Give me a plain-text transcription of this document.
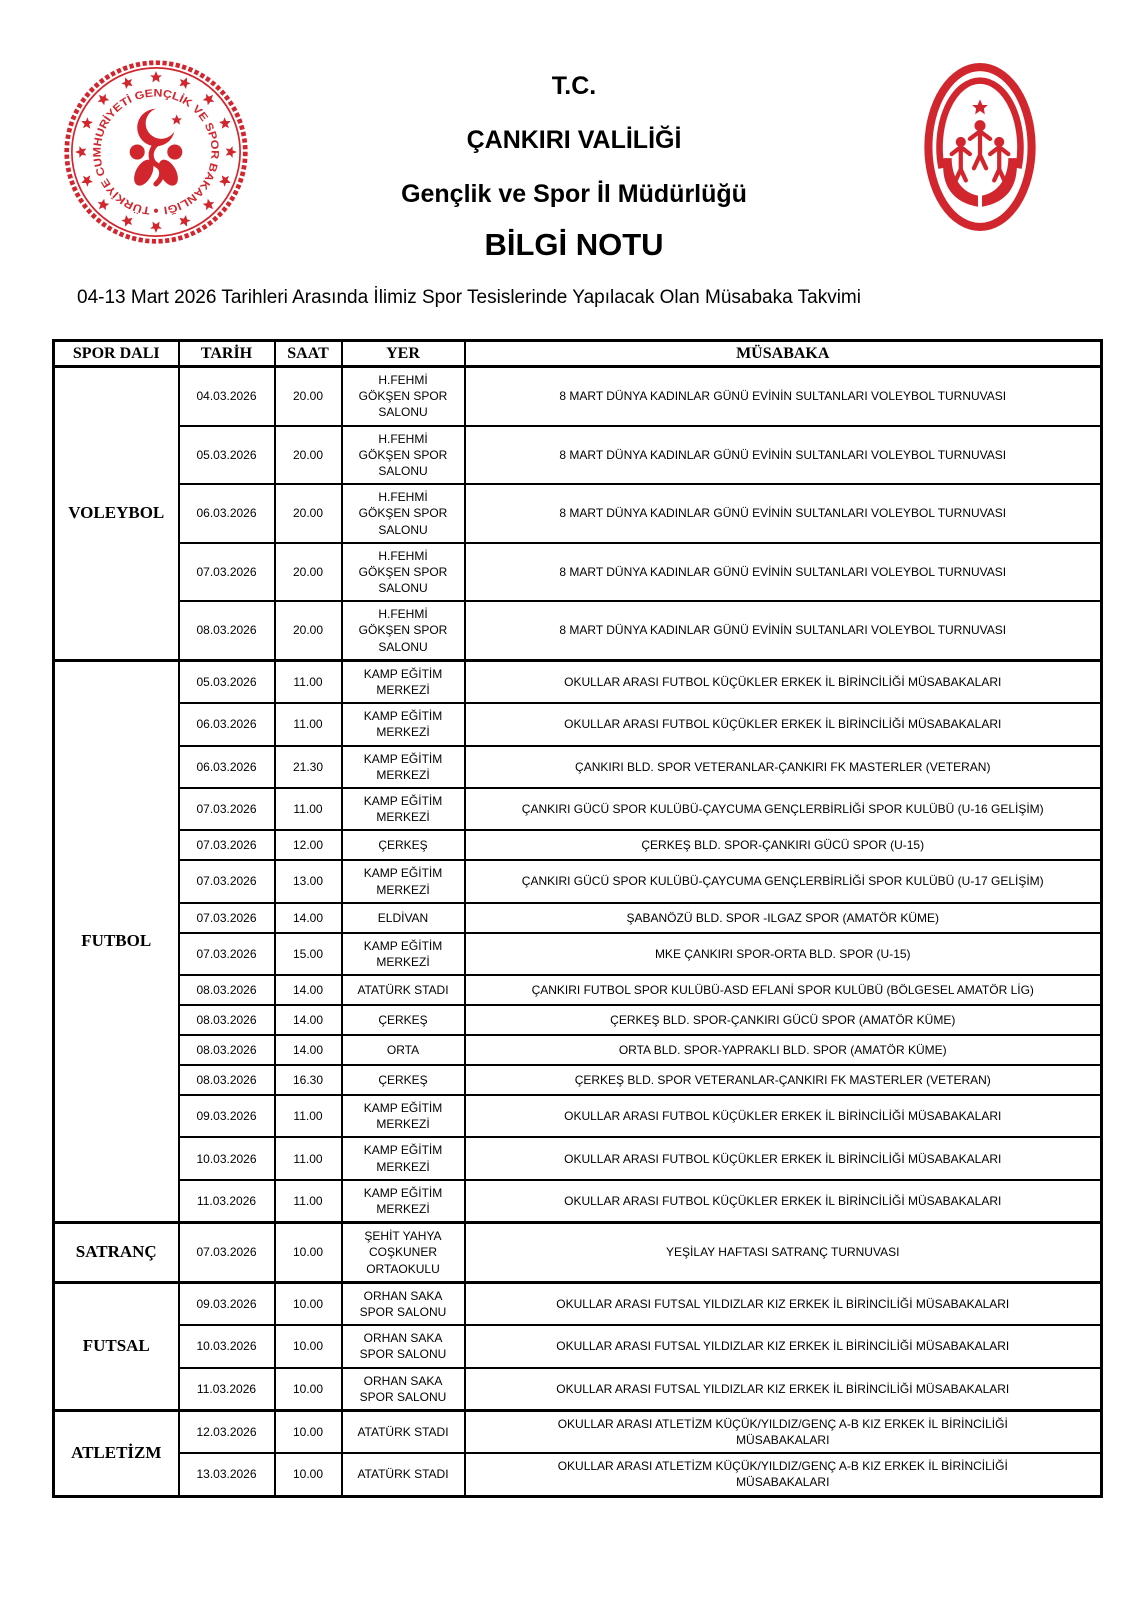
TÜRKİYE CUMHURİYETİ GENÇLİK VE SPOR BAKANLIĞI
T.C.
ÇANKIRI VALİLİĞİ
Gençlik ve Spor İl Müdürlüğü
BİLGİ NOTU
04-13 Mart 2026 Tarihleri Arasında İlimiz Spor Tesislerinde Yapılacak Olan Müsabaka Takvimi
SPOR DALI	TARİH	SAAT	YER	MÜSABAKA
VOLEYBOL	04.03.2026	20.00	H.FEHMİ GÖKŞEN SPOR SALONU	8 MART DÜNYA KADINLAR GÜNÜ EVİNİN SULTANLARI VOLEYBOL TURNUVASI
	05.03.2026	20.00	H.FEHMİ GÖKŞEN SPOR SALONU	8 MART DÜNYA KADINLAR GÜNÜ EVİNİN SULTANLARI VOLEYBOL TURNUVASI
	06.03.2026	20.00	H.FEHMİ GÖKŞEN SPOR SALONU	8 MART DÜNYA KADINLAR GÜNÜ EVİNİN SULTANLARI VOLEYBOL TURNUVASI
	07.03.2026	20.00	H.FEHMİ GÖKŞEN SPOR SALONU	8 MART DÜNYA KADINLAR GÜNÜ EVİNİN SULTANLARI VOLEYBOL TURNUVASI
	08.03.2026	20.00	H.FEHMİ GÖKŞEN SPOR SALONU	8 MART DÜNYA KADINLAR GÜNÜ EVİNİN SULTANLARI VOLEYBOL TURNUVASI
FUTBOL	05.03.2026	11.00	KAMP EĞİTİM MERKEZİ	OKULLAR ARASI FUTBOL KÜÇÜKLER ERKEK İL BİRİNCİLİĞİ MÜSABAKALARI
	06.03.2026	11.00	KAMP EĞİTİM MERKEZİ	OKULLAR ARASI FUTBOL KÜÇÜKLER ERKEK İL BİRİNCİLİĞİ MÜSABAKALARI
	06.03.2026	21.30	KAMP EĞİTİM MERKEZİ	ÇANKIRI BLD. SPOR VETERANLAR-ÇANKIRI FK MASTERLER (VETERAN)
	07.03.2026	11.00	KAMP EĞİTİM MERKEZİ	ÇANKIRI GÜCÜ SPOR KULÜBÜ-ÇAYCUMA GENÇLERBİRLİĞİ SPOR KULÜBÜ (U-16 GELİŞİM)
	07.03.2026	12.00	ÇERKEŞ	ÇERKEŞ BLD. SPOR-ÇANKIRI GÜCÜ SPOR (U-15)
	07.03.2026	13.00	KAMP EĞİTİM MERKEZİ	ÇANKIRI GÜCÜ SPOR KULÜBÜ-ÇAYCUMA GENÇLERBİRLİĞİ SPOR KULÜBÜ (U-17 GELİŞİM)
	07.03.2026	14.00	ELDİVAN	ŞABANÖZÜ BLD. SPOR -ILGAZ SPOR (AMATÖR KÜME)
	07.03.2026	15.00	KAMP EĞİTİM MERKEZİ	MKE ÇANKIRI SPOR-ORTA BLD. SPOR (U-15)
	08.03.2026	14.00	ATATÜRK STADI	ÇANKIRI FUTBOL SPOR KULÜBÜ-ASD EFLANİ SPOR KULÜBÜ (BÖLGESEL AMATÖR LİG)
	08.03.2026	14.00	ÇERKEŞ	ÇERKEŞ BLD. SPOR-ÇANKIRI GÜCÜ SPOR (AMATÖR KÜME)
	08.03.2026	14.00	ORTA	ORTA BLD. SPOR-YAPRAKLI BLD. SPOR (AMATÖR KÜME)
	08.03.2026	16.30	ÇERKEŞ	ÇERKEŞ BLD. SPOR VETERANLAR-ÇANKIRI FK MASTERLER (VETERAN)
	09.03.2026	11.00	KAMP EĞİTİM MERKEZİ	OKULLAR ARASI FUTBOL KÜÇÜKLER ERKEK İL BİRİNCİLİĞİ MÜSABAKALARI
	10.03.2026	11.00	KAMP EĞİTİM MERKEZİ	OKULLAR ARASI FUTBOL KÜÇÜKLER ERKEK İL BİRİNCİLİĞİ MÜSABAKALARI
	11.03.2026	11.00	KAMP EĞİTİM MERKEZİ	OKULLAR ARASI FUTBOL KÜÇÜKLER ERKEK İL BİRİNCİLİĞİ MÜSABAKALARI
SATRANÇ	07.03.2026	10.00	ŞEHİT YAHYA COŞKUNER ORTAOKULU	YEŞİLAY HAFTASI SATRANÇ TURNUVASI
FUTSAL	09.03.2026	10.00	ORHAN SAKA SPOR SALONU	OKULLAR ARASI FUTSAL YILDIZLAR KIZ ERKEK İL BİRİNCİLİĞİ MÜSABAKALARI
	10.03.2026	10.00	ORHAN SAKA SPOR SALONU	OKULLAR ARASI FUTSAL YILDIZLAR KIZ ERKEK İL BİRİNCİLİĞİ MÜSABAKALARI
	11.03.2026	10.00	ORHAN SAKA SPOR SALONU	OKULLAR ARASI FUTSAL YILDIZLAR KIZ ERKEK İL BİRİNCİLİĞİ MÜSABAKALARI
ATLETİZM	12.03.2026	10.00	ATATÜRK STADI	OKULLAR ARASI ATLETİZM KÜÇÜK/YILDIZ/GENÇ A-B KIZ ERKEK İL BİRİNCİLİĞİ MÜSABAKALARI
	13.03.2026	10.00	ATATÜRK STADI	OKULLAR ARASI ATLETİZM KÜÇÜK/YILDIZ/GENÇ A-B KIZ ERKEK İL BİRİNCİLİĞİ MÜSABAKALARI
